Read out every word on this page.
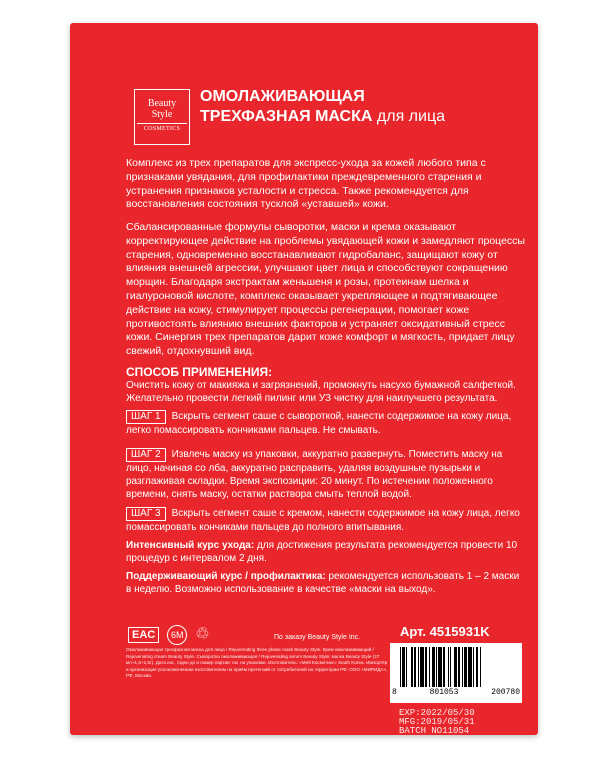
Beauty
Style
COSMETICS
ОМОЛАЖИВАЮЩАЯ
ТРЕХФАЗНАЯ МАСКА для лица
Комплекс из трех препаратов для экспресс-ухода за кожей любого типа с признаками увядания, для профилактики преждевременного старения и устранения признаков усталости и стресса. Также рекомендуется для восстановления состояния тусклой «уставшей» кожи.
Сбалансированные формулы сыворотки, маски и крема оказывают корректирующее действие на проблемы увядающей кожи и замедляют процессы старения, одновременно восстанавливают гидробаланс, защищают кожу от влияния внешней агрессии, улучшают цвет лица и способствуют сокращению морщин. Благодаря экстрактам женьшеня и розы, протеинам шелка и гиалуроновой кислоте, комплекс оказывает укрепляющее и подтягивающее действие на кожу, стимулирует процессы регенерации, помогает коже противостоять влиянию внешних факторов и устраняет оксидативный стресс кожи. Синергия трех препаратов дарит коже комфорт и мягкость, придает лицу свежий, отдохнувший вид.
СПОСОБ ПРИМЕНЕНИЯ:
Очистить кожу от макияжа и загрязнений, промокнуть насухо бумажной салфеткой. Желательно провести легкий пилинг или УЗ чистку для наилучшего результата.
ШАГ 1 Вскрыть сегмент саше с сывороткой, нанести содержимое на кожу лица, легко помассировать кончиками пальцев. Не смывать.
ШАГ 2 Извлечь маску из упаковки, аккуратно развернуть. Поместить маску на лицо, начиная со лба, аккуратно расправить, удаляя воздушные пузырьки и разглаживая складки. Время экспозиции: 20 минут. По истечении положенного времени, снять маску, остатки раствора смыть теплой водой.
ШАГ 3 Вскрыть сегмент саше с кремом, нанести содержимое на кожу лица, легко помассировать кончиками пальцев до полного впитывания.
Интенсивный курс ухода: для достижения результата рекомендуется провести 10 процедур с интервалом 2 дня.
Поддерживающий курс / профилактика: рекомендуется использовать 1 – 2 маски в неделю. Возможно использование в качестве «маски на выход».
EAC	6M ♲	По заказу Beauty Style Inc.	Арт. 4515931K
Омолаживающая трехфазная маска для лица / Rejuvenating three phase mask Beauty Style. Крем омолаживающий / Rejuvenating cream Beauty Style. Сыворотка омолаживающая / Rejuvenating serum Beauty Style; маска Beauty Style (27 мл+1,5+1,5г). Дата изг., годен до и номер партии: см. на упаковке. Изготовитель: «Мей Косметикс» South Korea. Импортёр и организация уполномоченная изготовителем на приём претензий от потребителей на территории РФ: ООО «МИРИДА», РФ, Москва.
8	801053	200780
EXP:2022/05/30
MFG:2019/05/31
BATCH NO11054
